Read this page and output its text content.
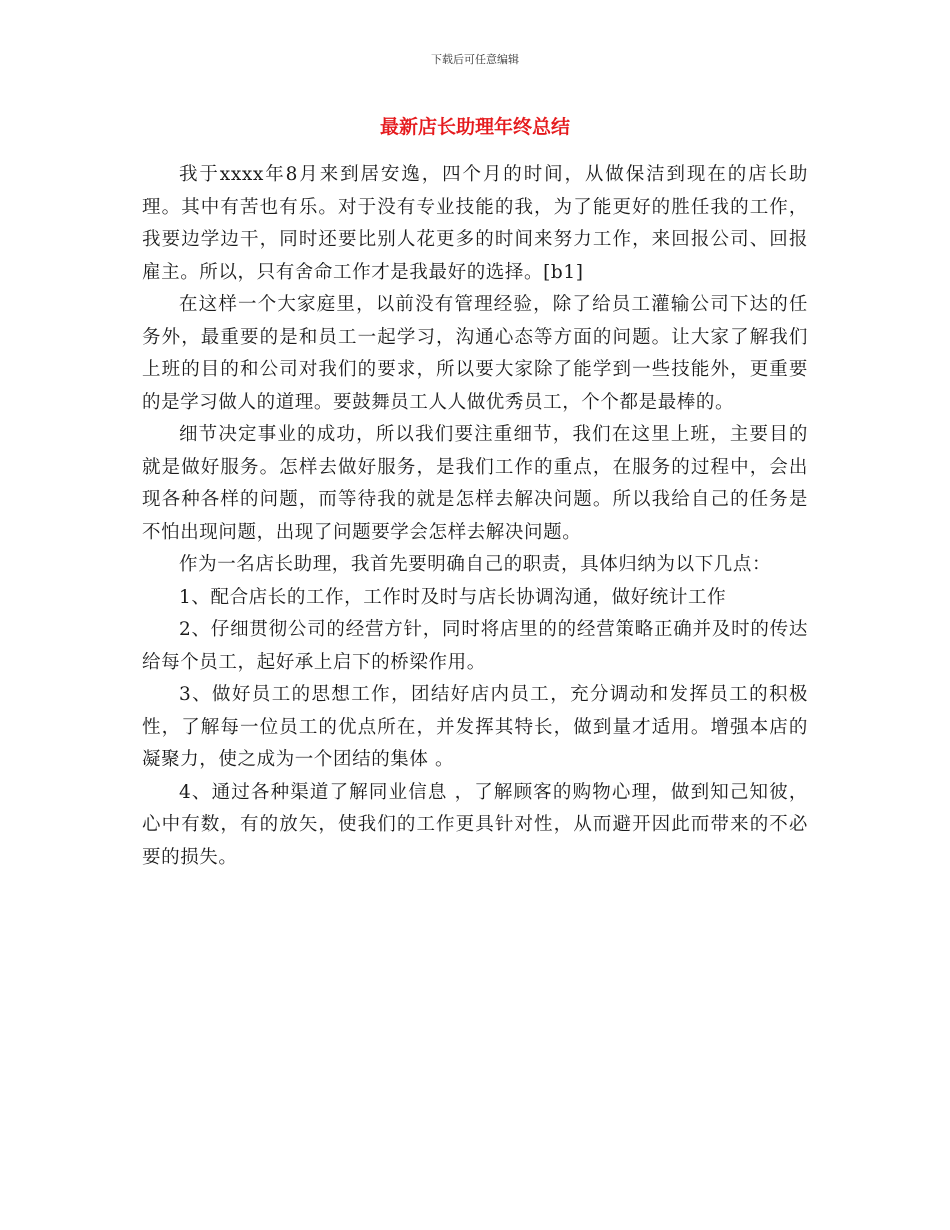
下载后可任意编辑
最新店长助理年终总结

我于xxxx年8月来到居安逸，四个月的时间，从做保洁到现在的店长助理。其中有苦也有乐。对于没有专业技能的我，为了能更好的胜任我的工作，我要边学边干，同时还要比别人花更多的时间来努力工作，来回报公司、回报雇主。所以，只有舍命工作才是我最好的选择。[b1]

在这样一个大家庭里，以前没有管理经验，除了给员工灌输公司下达的任务外，最重要的是和员工一起学习，沟通心态等方面的问题。让大家了解我们上班的目的和公司对我们的要求，所以要大家除了能学到一些技能外，更重要的是学习做人的道理。要鼓舞员工人人做优秀员工，个个都是最棒的。

细节决定事业的成功，所以我们要注重细节，我们在这里上班，主要目的就是做好服务。怎样去做好服务，是我们工作的重点，在服务的过程中，会出现各种各样的问题，而等待我的就是怎样去解决问题。所以我给自己的任务是不怕出现问题，出现了问题要学会怎样去解决问题。

作为一名店长助理，我首先要明确自己的职责，具体归纳为以下几点：

1、配合店长的工作，工作时及时与店长协调沟通，做好统计工作

2、仔细贯彻公司的经营方针，同时将店里的的经营策略正确并及时的传达给每个员工，起好承上启下的桥梁作用。

3、做好员工的思想工作，团结好店内员工，充分调动和发挥员工的积极性，了解每一位员工的优点所在，并发挥其特长，做到量才适用。增强本店的凝聚力，使之成为一个团结的集体 。

4、通过各种渠道了解同业信息 ，了解顾客的购物心理，做到知己知彼，心中有数，有的放矢，使我们的工作更具针对性，从而避开因此而带来的不必要的损失。
